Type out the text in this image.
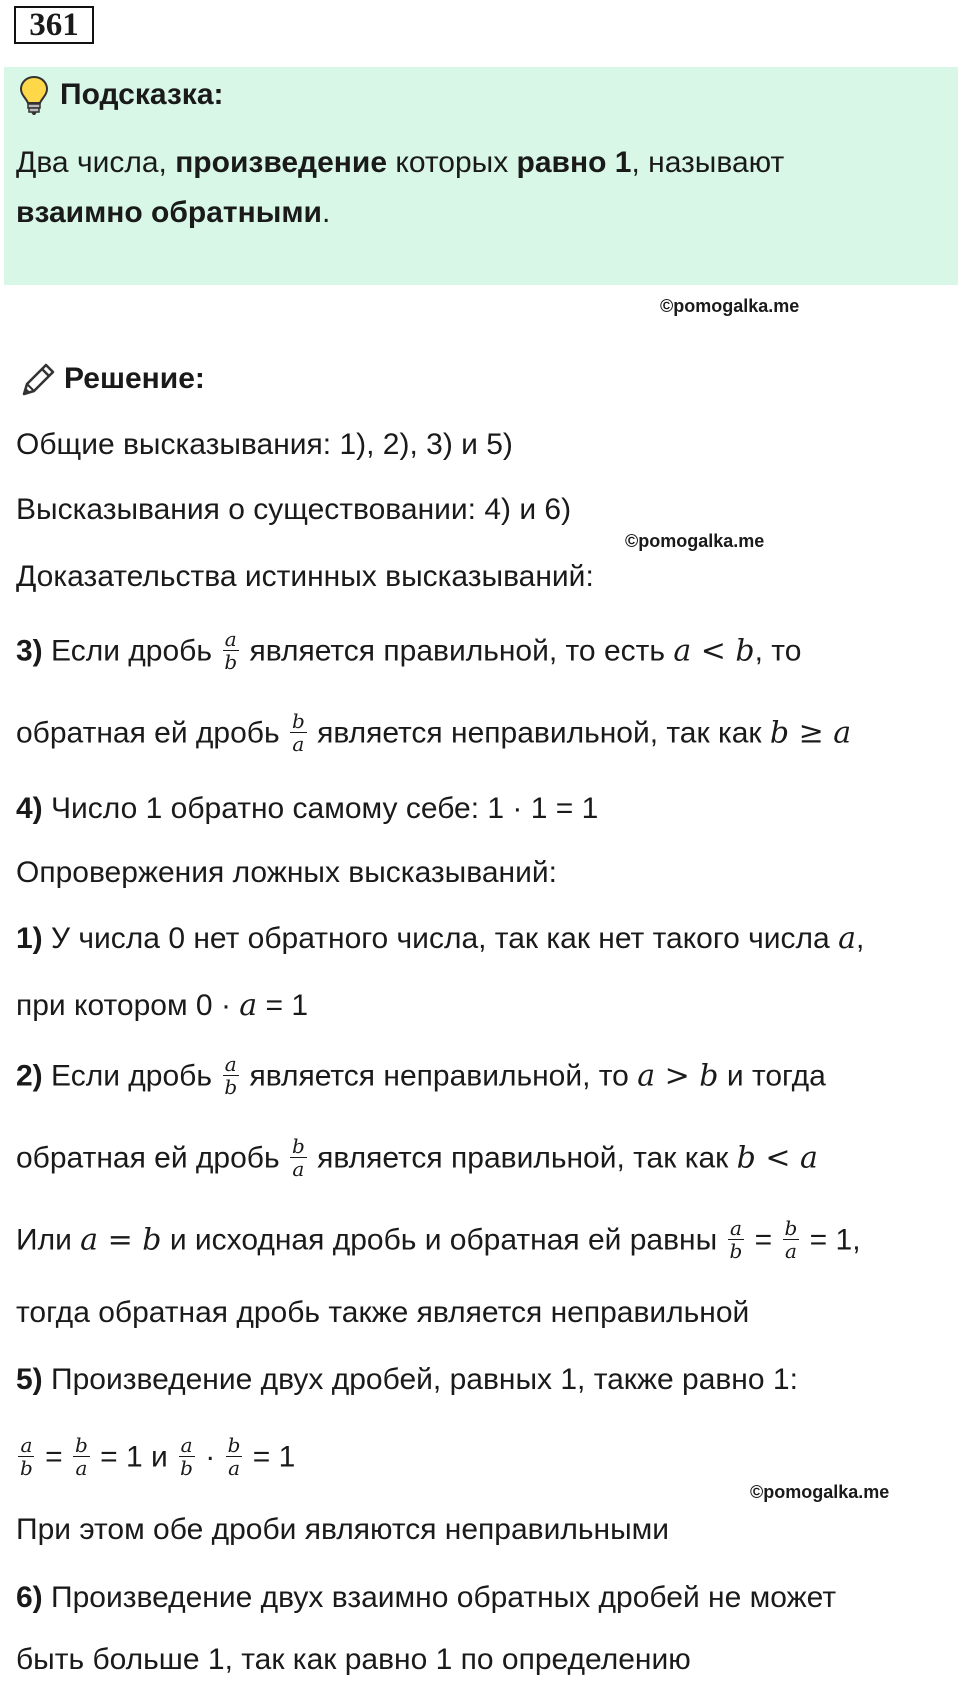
361
Подсказка:
Два числа, произведение которых равно 1, называют
взаимно обратными.
©pomogalka.me
Решение:
Общие высказывания: 1), 2), 3) и 5)
Высказывания о существовании: 4) и 6)
©pomogalka.me
Доказательства истинных высказываний:
3) Если дробь $\frac{a}{b}$ является правильной, то есть a < b, то
обратная ей дробь $\frac{b}{a}$ является неправильной, так как b ≥ a
4) Число 1 обратно самому себе: 1 · 1 = 1
Опровержения ложных высказываний:
1) У числа 0 нет обратного числа, так как нет такого числа a,
при котором 0 · a = 1
2) Если дробь $\frac{a}{b}$ является неправильной, то a > b и тогда
обратная ей дробь $\frac{b}{a}$ является правильной, так как b < a
Или a = b и исходная дробь и обратная ей равны $\frac{a}{b} = \frac{b}{a} = 1$,
тогда обратная дробь также является неправильной
5) Произведение двух дробей, равных 1, также равно 1:
$\frac{a}{b} = \frac{b}{a} = 1$ и $\frac{a}{b} \cdot \frac{b}{a} = 1$
©pomogalka.me
При этом обе дроби являются неправильными
6) Произведение двух взаимно обратных дробей не может
быть больше 1, так как равно 1 по определению
